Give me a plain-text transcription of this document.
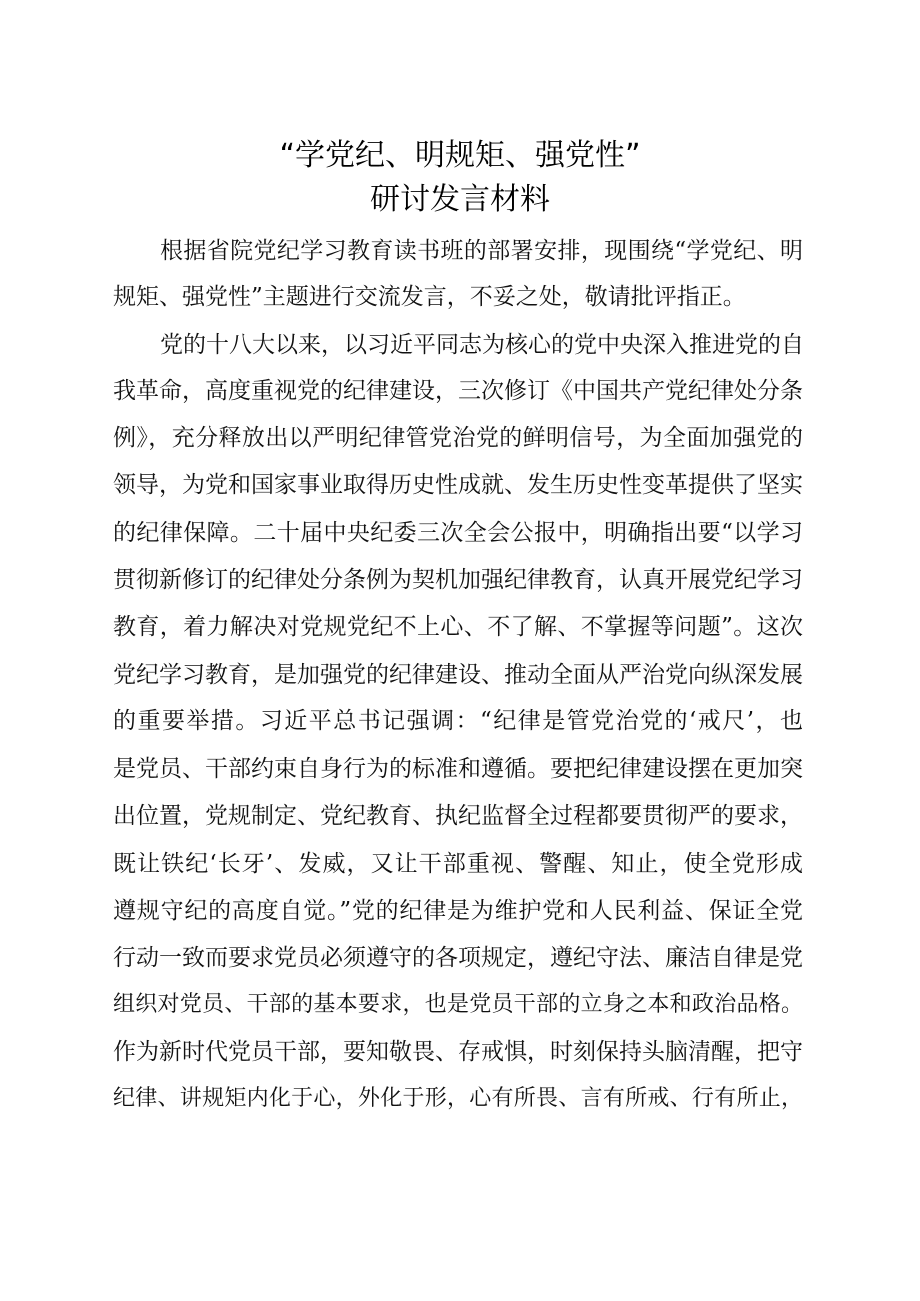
“学党纪、明规矩、强党性”
研讨发言材料
根据省院党纪学习教育读书班的部署安排，现围绕“学党纪、明
规矩、强党性”主题进行交流发言，不妥之处，敬请批评指正。
党的十八大以来，以习近平同志为核心的党中央深入推进党的自
我革命，高度重视党的纪律建设，三次修订《中国共产党纪律处分条
例》，充分释放出以严明纪律管党治党的鲜明信号，为全面加强党的
领导，为党和国家事业取得历史性成就、发生历史性变革提供了坚实
的纪律保障。二十届中央纪委三次全会公报中，明确指出要“以学习
贯彻新修订的纪律处分条例为契机加强纪律教育，认真开展党纪学习
教育，着力解决对党规党纪不上心、不了解、不掌握等问题”。这次
党纪学习教育，是加强党的纪律建设、推动全面从严治党向纵深发展
的重要举措。习近平总书记强调：“纪律是管党治党的‘戒尺’，也
是党员、干部约束自身行为的标准和遵循。要把纪律建设摆在更加突
出位置，党规制定、党纪教育、执纪监督全过程都要贯彻严的要求，
既让铁纪‘长牙’、发威，又让干部重视、警醒、知止，使全党形成
遵规守纪的高度自觉。”党的纪律是为维护党和人民利益、保证全党
行动一致而要求党员必须遵守的各项规定，遵纪守法、廉洁自律是党
组织对党员、干部的基本要求，也是党员干部的立身之本和政治品格。
作为新时代党员干部，要知敬畏、存戒惧，时刻保持头脑清醒，把守
纪律、讲规矩内化于心，外化于形，心有所畏、言有所戒、行有所止，
